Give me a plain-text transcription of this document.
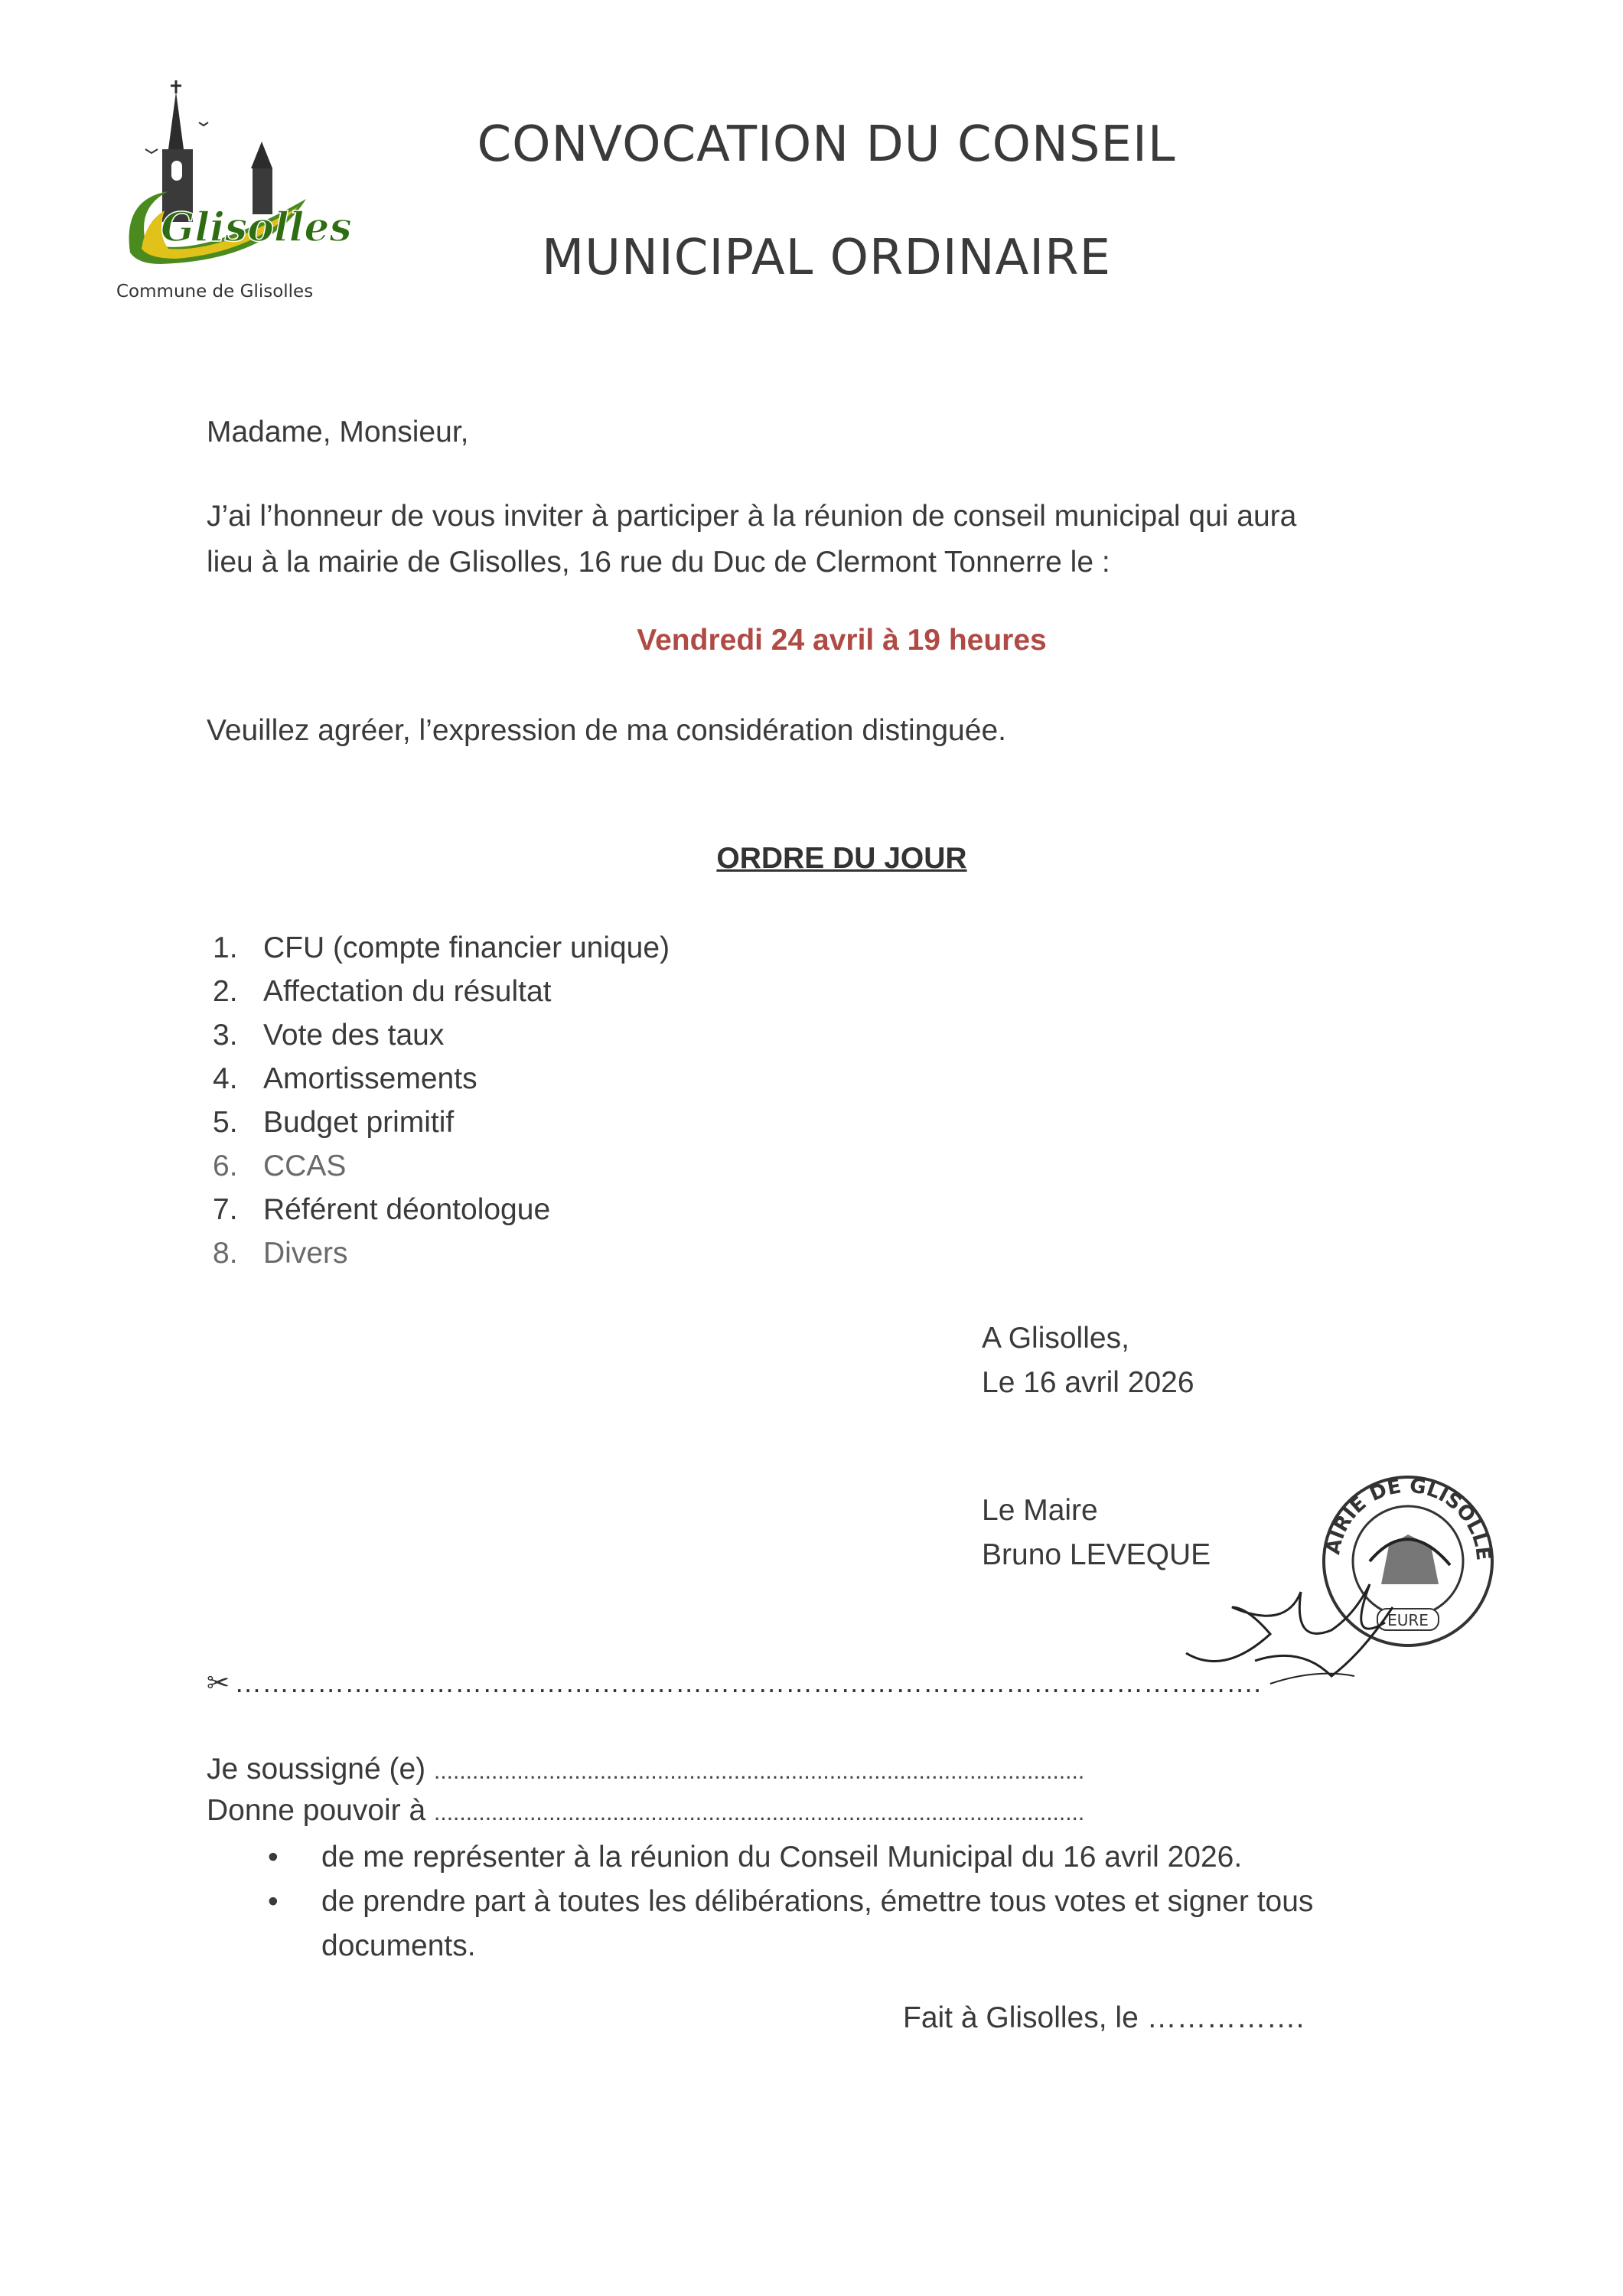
Glisolles
Commune de Glisolles
CONVOCATION DU CONSEIL
MUNICIPAL ORDINAIRE
Madame, Monsieur,
J’ai l’honneur de vous inviter à participer à la réunion de conseil municipal qui aura
lieu à la mairie de Glisolles, 16 rue du Duc de Clermont Tonnerre le :
Vendredi 24 avril à 19 heures
Veuillez agréer, l’expression de ma considération distinguée.
ORDRE DU JOUR
1. CFU (compte financier unique)
2. Affectation du résultat
3. Vote des taux
4. Amortissements
5. Budget primitif
6. CCAS
7. Référent déontologue
8. Divers
A Glisolles,
Le 16 avril 2026
Le Maire
Bruno LEVEQUE	AIRIE DE GLISOLLE
EURE
✂ ………………………………………………………………………………………………….
Je soussigné (e) ......................................................................................................
Donne pouvoir à ......................................................................................................
• de me représenter à la réunion du Conseil Municipal du 16 avril 2026.
• de prendre part à toutes les délibérations, émettre tous votes et signer tous
documents.
Fait à Glisolles, le …………….
